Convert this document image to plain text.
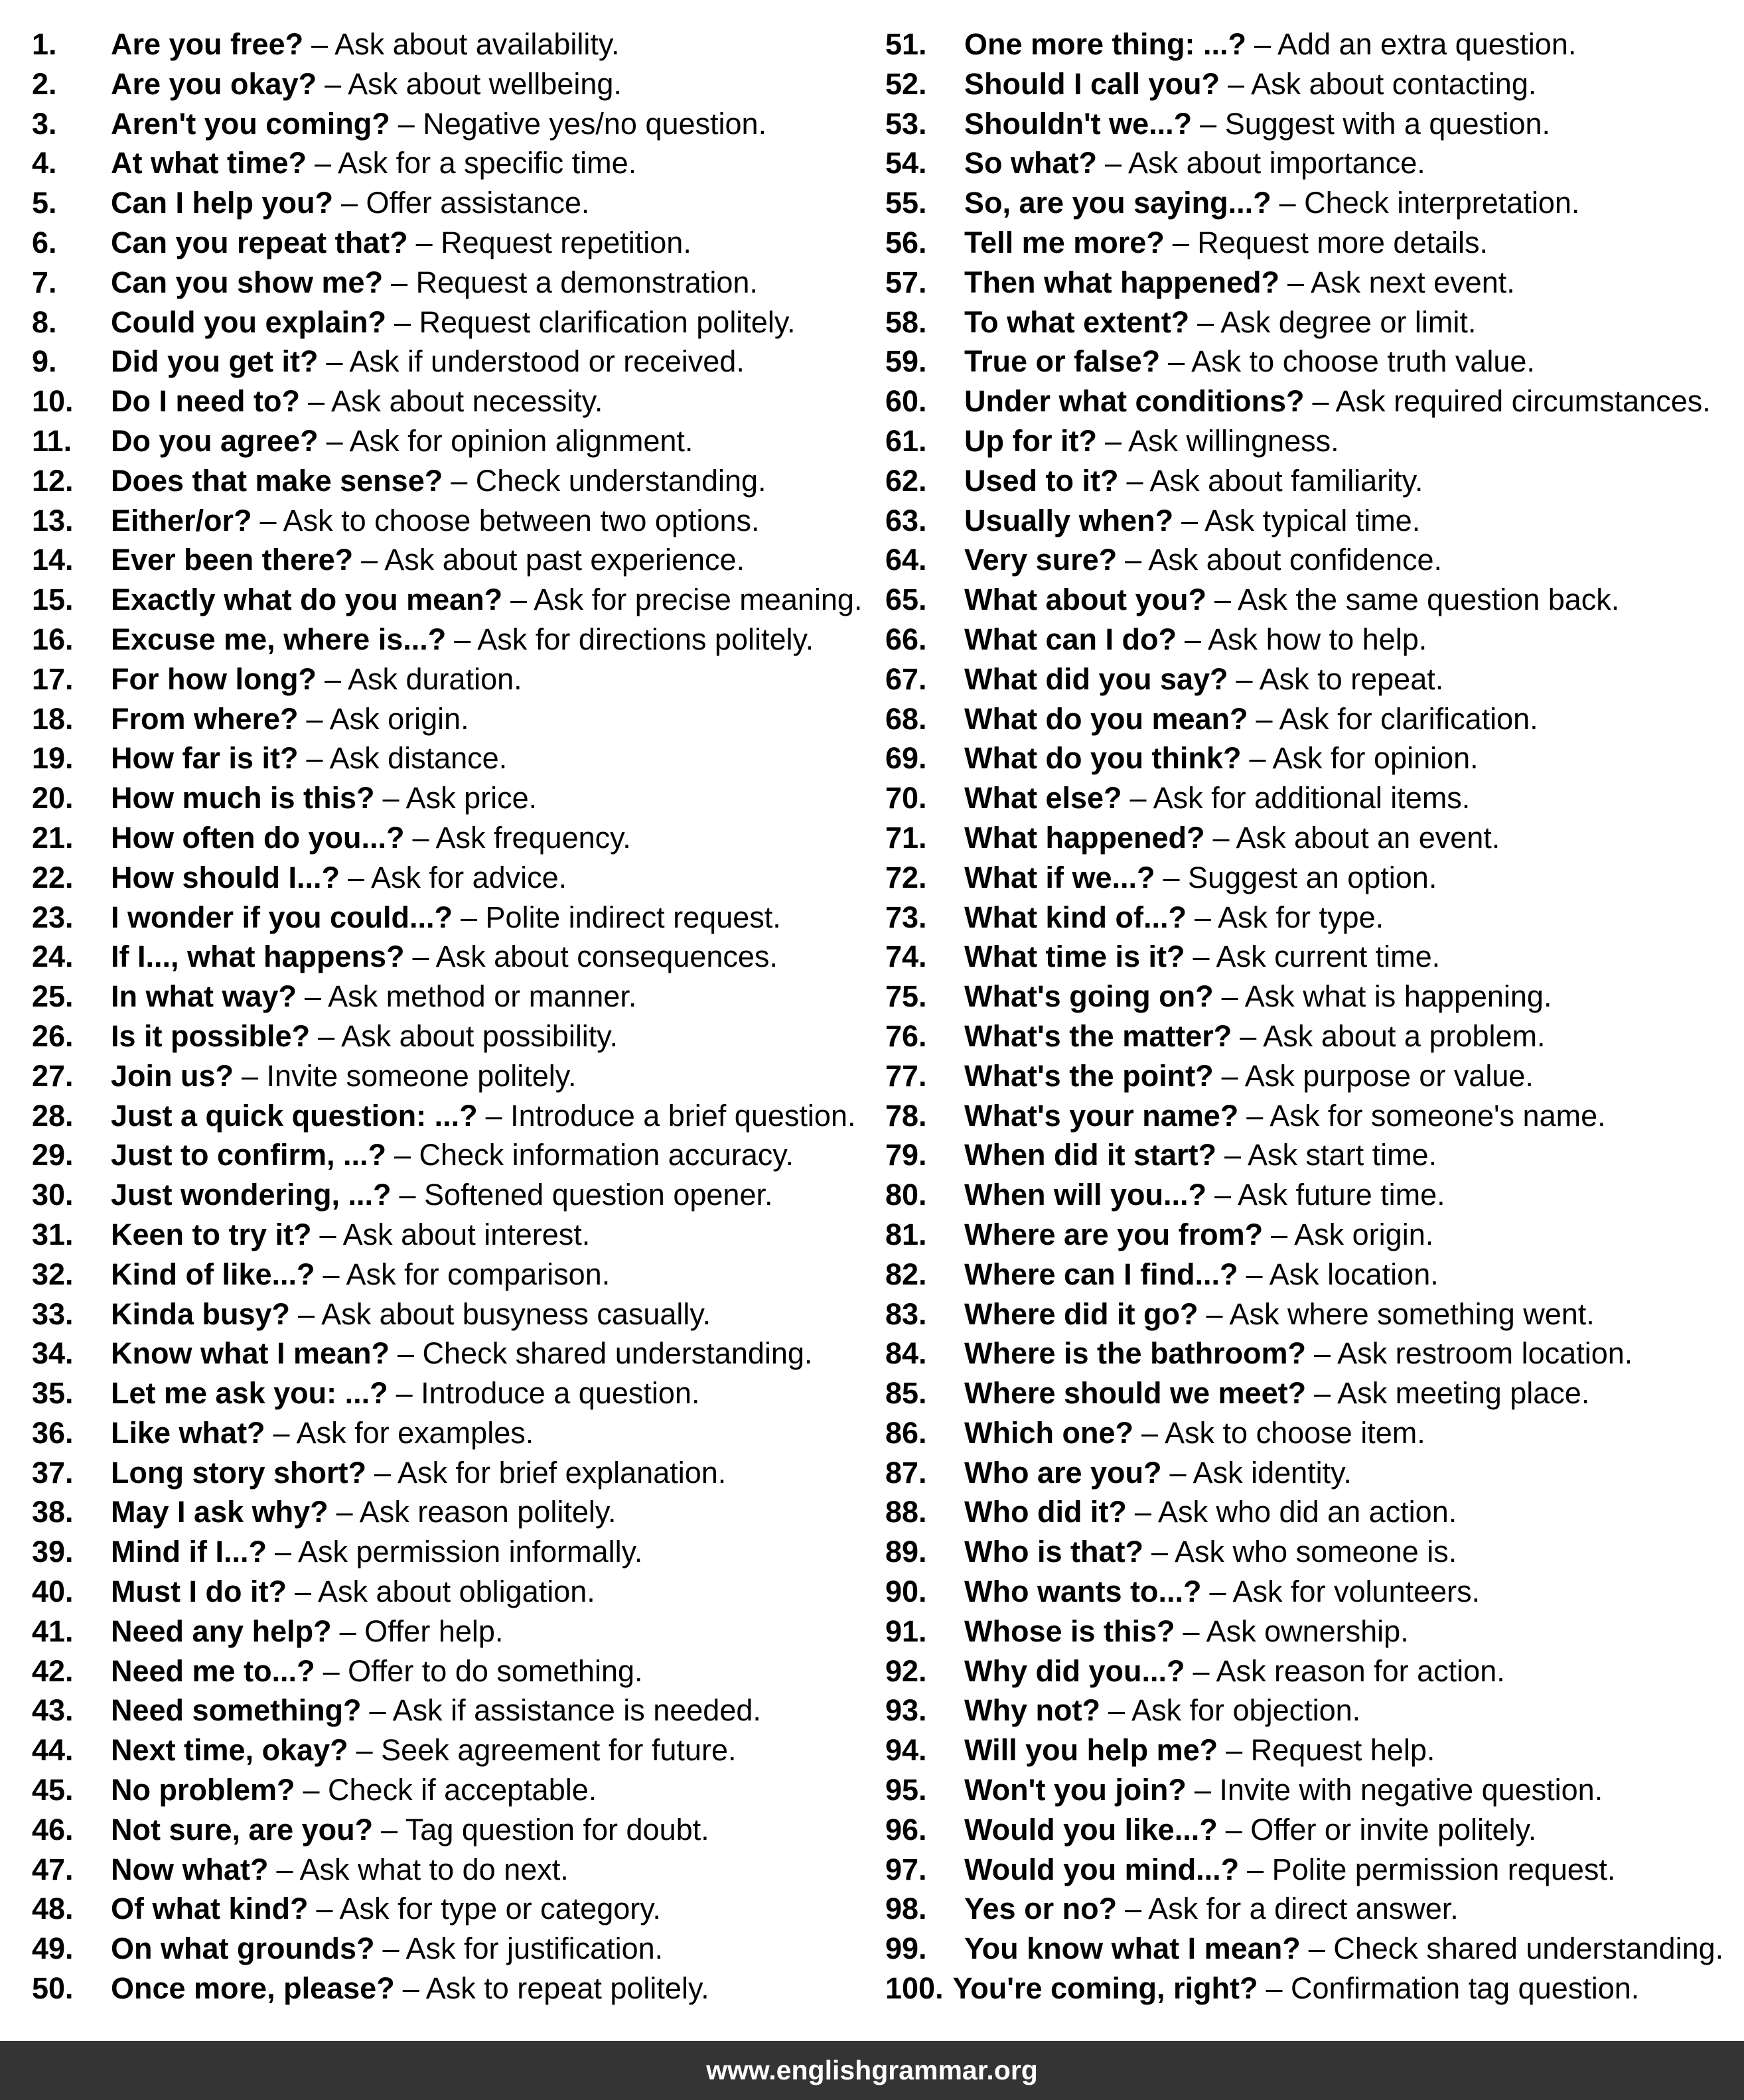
1.	Are you free? – Ask about availability.
2.	Are you okay? – Ask about wellbeing.
3.	Aren't you coming? – Negative yes/no question.
4.	At what time? – Ask for a specific time.
5.	Can I help you? – Offer assistance.
6.	Can you repeat that? – Request repetition.
7.	Can you show me? – Request a demonstration.
8.	Could you explain? – Request clarification politely.
9.	Did you get it? – Ask if understood or received.
10.	Do I need to? – Ask about necessity.
11.	Do you agree? – Ask for opinion alignment.
12.	Does that make sense? – Check understanding.
13.	Either/or? – Ask to choose between two options.
14.	Ever been there? – Ask about past experience.
15.	Exactly what do you mean? – Ask for precise meaning.
16.	Excuse me, where is...? – Ask for directions politely.
17.	For how long? – Ask duration.
18.	From where? – Ask origin.
19.	How far is it? – Ask distance.
20.	How much is this? – Ask price.
21.	How often do you...? – Ask frequency.
22.	How should I...? – Ask for advice.
23.	I wonder if you could...? – Polite indirect request.
24.	If I..., what happens? – Ask about consequences.
25.	In what way? – Ask method or manner.
26.	Is it possible? – Ask about possibility.
27.	Join us? – Invite someone politely.
28.	Just a quick question: ...? – Introduce a brief question.
29.	Just to confirm, ...? – Check information accuracy.
30.	Just wondering, ...? – Softened question opener.
31.	Keen to try it? – Ask about interest.
32.	Kind of like...? – Ask for comparison.
33.	Kinda busy? – Ask about busyness casually.
34.	Know what I mean? – Check shared understanding.
35.	Let me ask you: ...? – Introduce a question.
36.	Like what? – Ask for examples.
37.	Long story short? – Ask for brief explanation.
38.	May I ask why? – Ask reason politely.
39.	Mind if I...? – Ask permission informally.
40.	Must I do it? – Ask about obligation.
41.	Need any help? – Offer help.
42.	Need me to...? – Offer to do something.
43.	Need something? – Ask if assistance is needed.
44.	Next time, okay? – Seek agreement for future.
45.	No problem? – Check if acceptable.
46.	Not sure, are you? – Tag question for doubt.
47.	Now what? – Ask what to do next.
48.	Of what kind? – Ask for type or category.
49.	On what grounds? – Ask for justification.
50.	Once more, please? – Ask to repeat politely.
51.	One more thing: ...? – Add an extra question.
52.	Should I call you? – Ask about contacting.
53.	Shouldn't we...? – Suggest with a question.
54.	So what? – Ask about importance.
55.	So, are you saying...? – Check interpretation.
56.	Tell me more? – Request more details.
57.	Then what happened? – Ask next event.
58.	To what extent? – Ask degree or limit.
59.	True or false? – Ask to choose truth value.
60.	Under what conditions? – Ask required circumstances.
61.	Up for it? – Ask willingness.
62.	Used to it? – Ask about familiarity.
63.	Usually when? – Ask typical time.
64.	Very sure? – Ask about confidence.
65.	What about you? – Ask the same question back.
66.	What can I do? – Ask how to help.
67.	What did you say? – Ask to repeat.
68.	What do you mean? – Ask for clarification.
69.	What do you think? – Ask for opinion.
70.	What else? – Ask for additional items.
71.	What happened? – Ask about an event.
72.	What if we...? – Suggest an option.
73.	What kind of...? – Ask for type.
74.	What time is it? – Ask current time.
75.	What's going on? – Ask what is happening.
76.	What's the matter? – Ask about a problem.
77.	What's the point? – Ask purpose or value.
78.	What's your name? – Ask for someone's name.
79.	When did it start? – Ask start time.
80.	When will you...? – Ask future time.
81.	Where are you from? – Ask origin.
82.	Where can I find...? – Ask location.
83.	Where did it go? – Ask where something went.
84.	Where is the bathroom? – Ask restroom location.
85.	Where should we meet? – Ask meeting place.
86.	Which one? – Ask to choose item.
87.	Who are you? – Ask identity.
88.	Who did it? – Ask who did an action.
89.	Who is that? – Ask who someone is.
90.	Who wants to...? – Ask for volunteers.
91.	Whose is this? – Ask ownership.
92.	Why did you...? – Ask reason for action.
93.	Why not? – Ask for objection.
94.	Will you help me? – Request help.
95.	Won't you join? – Invite with negative question.
96.	Would you like...? – Offer or invite politely.
97.	Would you mind...? – Polite permission request.
98.	Yes or no? – Ask for a direct answer.
99.	You know what I mean? – Check shared understanding.
100. You're coming, right? – Confirmation tag question.
www.englishgrammar.org
